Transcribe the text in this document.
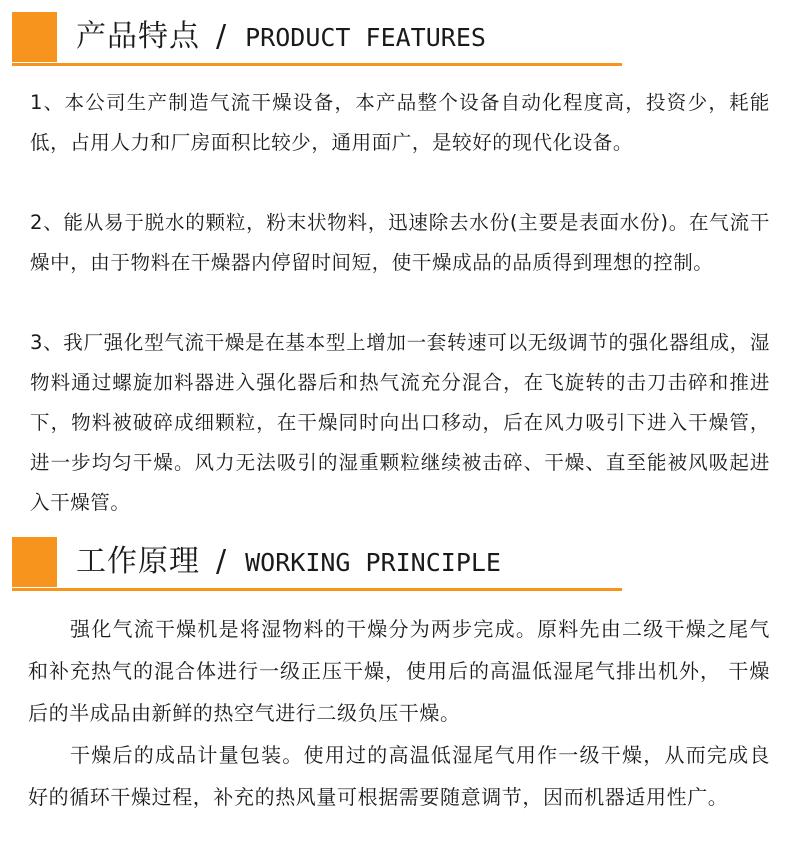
产品特点 / PRODUCT FEATURES

1、本公司生产制造气流干燥设备，本产品整个设备自动化程度高，投资少，耗能低，占用人力和厂房面积比较少，通用面广，是较好的现代化设备。

2、能从易于脱水的颗粒，粉末状物料，迅速除去水份(主要是表面水份)。在气流干燥中，由于物料在干燥器内停留时间短，使干燥成品的品质得到理想的控制。

3、我厂强化型气流干燥是在基本型上增加一套转速可以无级调节的强化器组成，湿物料通过螺旋加料器进入强化器后和热气流充分混合，在飞旋转的击刀击碎和推进下，物料被破碎成细颗粒，在干燥同时向出口移动，后在风力吸引下进入干燥管，进一步均匀干燥。风力无法吸引的湿重颗粒继续被击碎、干燥、直至能被风吸起进入干燥管。

工作原理 / WORKING PRINCIPLE

强化气流干燥机是将湿物料的干燥分为两步完成。原料先由二级干燥之尾气和补充热气的混合体进行一级正压干燥，使用后的高温低湿尾气排出机外， 干燥后的半成品由新鲜的热空气进行二级负压干燥。

干燥后的成品计量包装。使用过的高温低湿尾气用作一级干燥，从而完成良好的循环干燥过程，补充的热风量可根据需要随意调节，因而机器适用性广。
